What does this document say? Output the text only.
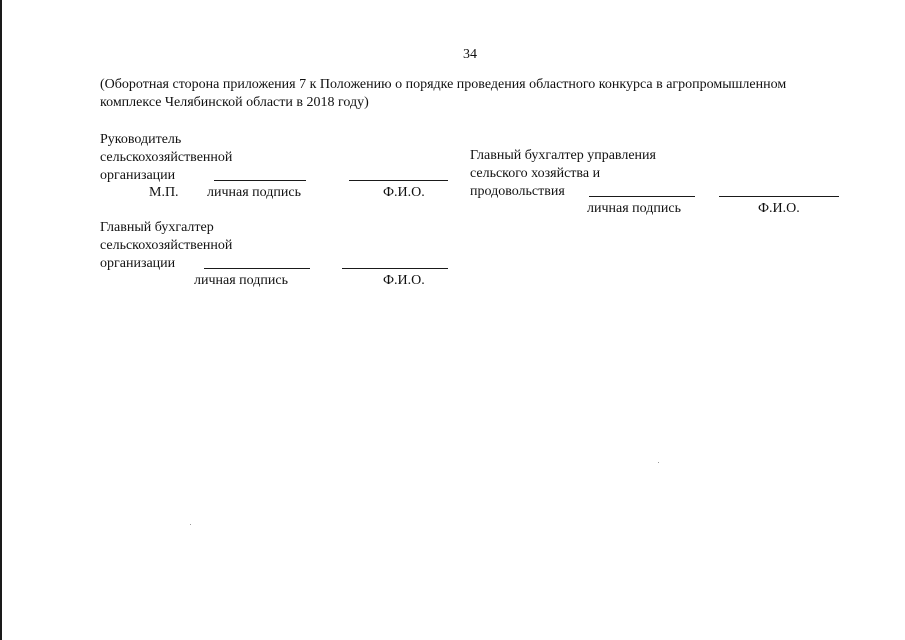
34
(Оборотная сторона приложения 7 к Положению о порядке проведения областного конкурса в агропромышленном
комплексе Челябинской области в 2018 году)
Руководитель
сельскохозяйственной
организации
М.П. личная подпись	Ф.И.О.
Главный бухгалтер управления
сельского хозяйства и
продовольствия
личная подпись	Ф.И.О.
Главный бухгалтер
сельскохозяйственной
организации
личная подпись	Ф.И.О.
